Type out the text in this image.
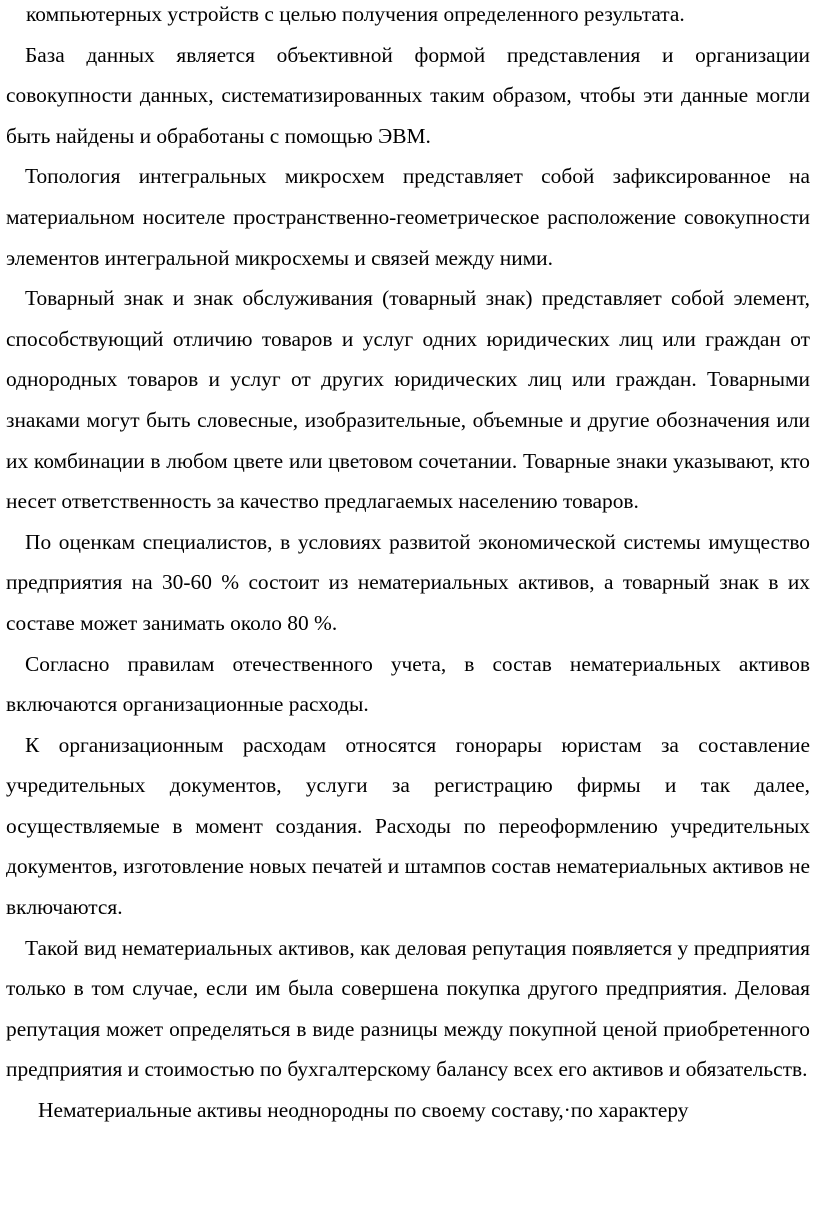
компьютерных устройств с целью получения определенного результата.

База данных является объективной формой представления и организации совокупности данных, систематизированных таким образом, чтобы эти данные могли быть найдены и обработаны с помощью ЭВМ.

Топология интегральных микросхем представляет собой зафиксированное на материальном носителе пространственно-геометрическое расположение совокупности элементов интегральной микросхемы и связей между ними.

Товарный знак и знак обслуживания (товарный знак) представляет собой элемент, способствующий отличию товаров и услуг одних юридических лиц или граждан от однородных товаров и услуг от других юридических лиц или граждан. Товарными знаками могут быть словесные, изобразительные, объемные и другие обозначения или их комбинации в любом цвете или цветовом сочетании. Товарные знаки указывают, кто несет ответственность за качество предлагаемых населению товаров.

По оценкам специалистов, в условиях развитой экономической системы имущество предприятия на 30-60 % состоит из нематериальных активов, а товарный знак в их составе может занимать около 80 %.

Согласно правилам отечественного учета, в состав нематериальных активов включаются организационные расходы.

К организационным расходам относятся гонорары юристам за составление учредительных документов, услуги за регистрацию фирмы и так далее, осуществляемые в момент создания. Расходы по переоформлению учредительных документов, изготовление новых печатей и штампов состав нематериальных активов не включаются.

Такой вид нематериальных активов, как деловая репутация появляется у предприятия только в том случае, если им была совершена покупка другого предприятия. Деловая репутация может определяться в виде разницы между покупной ценой приобретенного предприятия и стоимостью по бухгалтерскому балансу всех его активов и обязательств.

Нематериальные активы неоднородны по своему составу,·по характеру
